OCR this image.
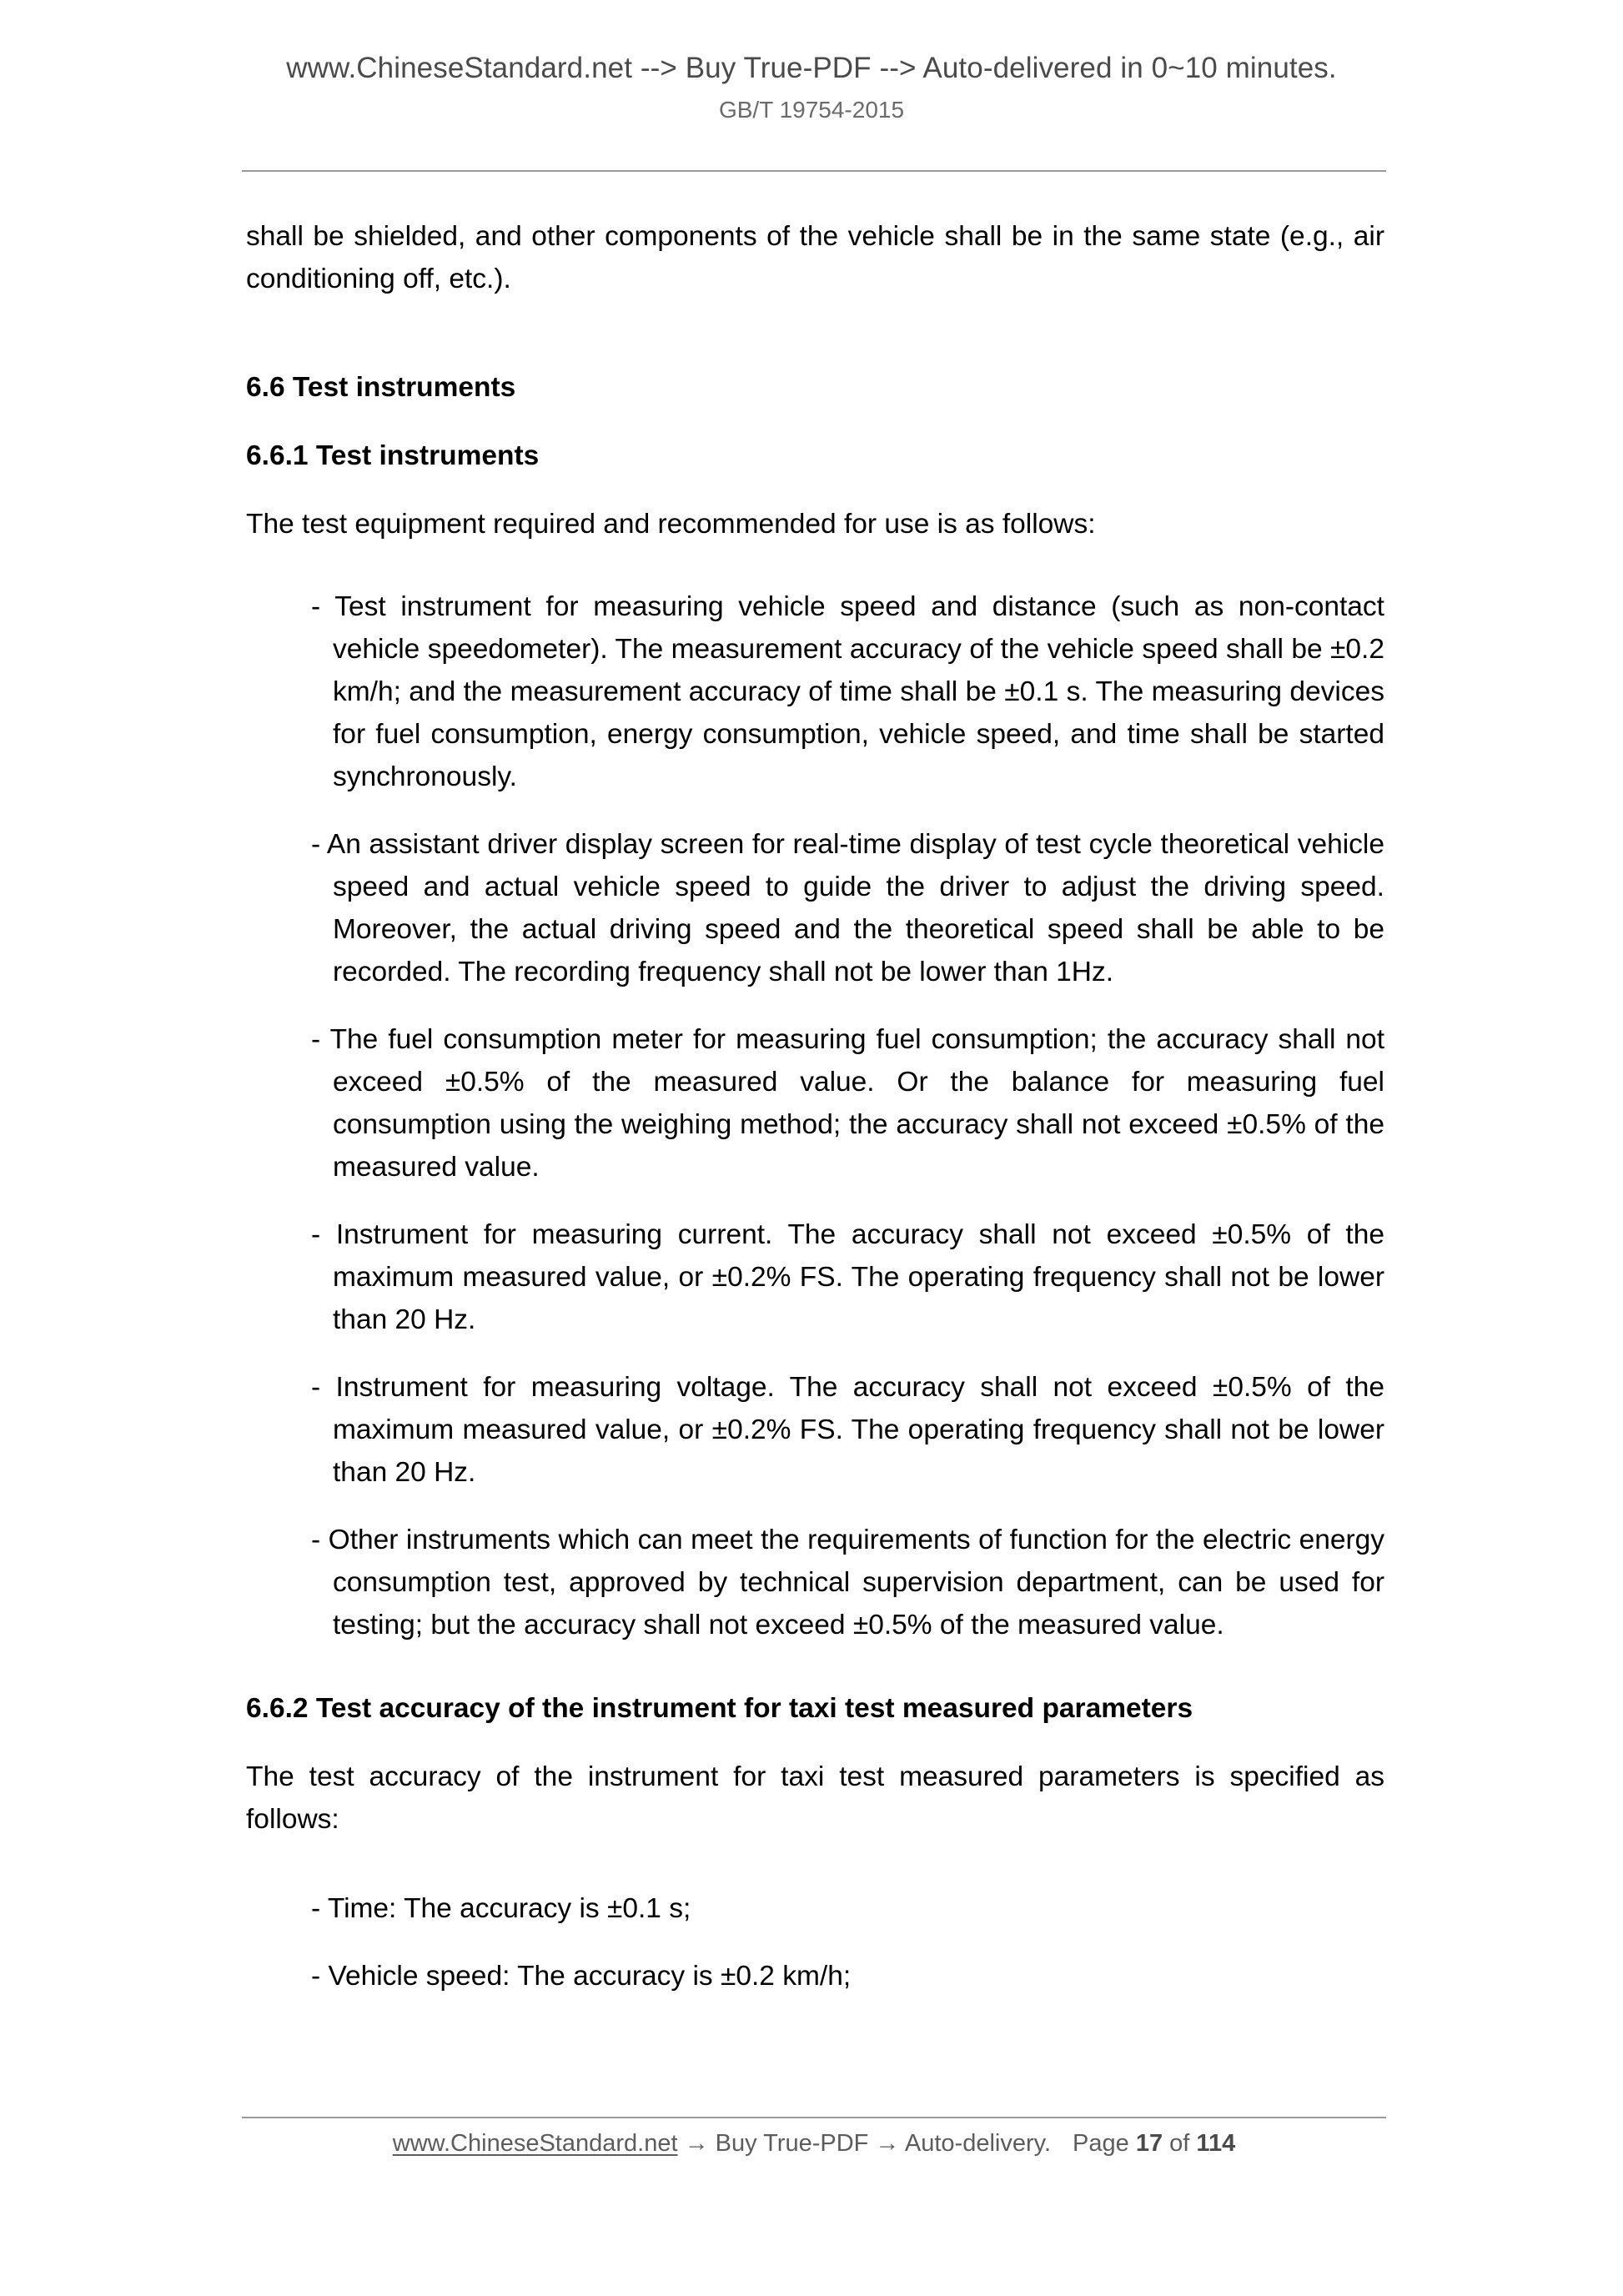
www.ChineseStandard.net --> Buy True-PDF --> Auto-delivered in 0~10 minutes.
GB/T 19754-2015

shall be shielded, and other components of the vehicle shall be in the same state (e.g., air conditioning off, etc.).

6.6 Test instruments
6.6.1 Test instruments

The test equipment required and recommended for use is as follows:

- Test instrument for measuring vehicle speed and distance (such as non-contact vehicle speedometer). The measurement accuracy of the vehicle speed shall be ±0.2 km/h; and the measurement accuracy of time shall be ±0.1 s. The measuring devices for fuel consumption, energy consumption, vehicle speed, and time shall be started synchronously.
- An assistant driver display screen for real-time display of test cycle theoretical vehicle speed and actual vehicle speed to guide the driver to adjust the driving speed. Moreover, the actual driving speed and the theoretical speed shall be able to be recorded. The recording frequency shall not be lower than 1Hz.
- The fuel consumption meter for measuring fuel consumption; the accuracy shall not exceed ±0.5% of the measured value. Or the balance for measuring fuel consumption using the weighing method; the accuracy shall not exceed ±0.5% of the measured value.
- Instrument for measuring current. The accuracy shall not exceed ±0.5% of the maximum measured value, or ±0.2% FS. The operating frequency shall not be lower than 20 Hz.
- Instrument for measuring voltage. The accuracy shall not exceed ±0.5% of the maximum measured value, or ±0.2% FS. The operating frequency shall not be lower than 20 Hz.
- Other instruments which can meet the requirements of function for the electric energy consumption test, approved by technical supervision department, can be used for testing; but the accuracy shall not exceed ±0.5% of the measured value.
6.6.2 Test accuracy of the instrument for taxi test measured parameters

The test accuracy of the instrument for taxi test measured parameters is specified as follows:

- Time: The accuracy is ±0.1 s;
- Vehicle speed: The accuracy is ±0.2 km/h;
www.ChineseStandard.net → Buy True-PDF → Auto-delivery. Page 17 of 114
